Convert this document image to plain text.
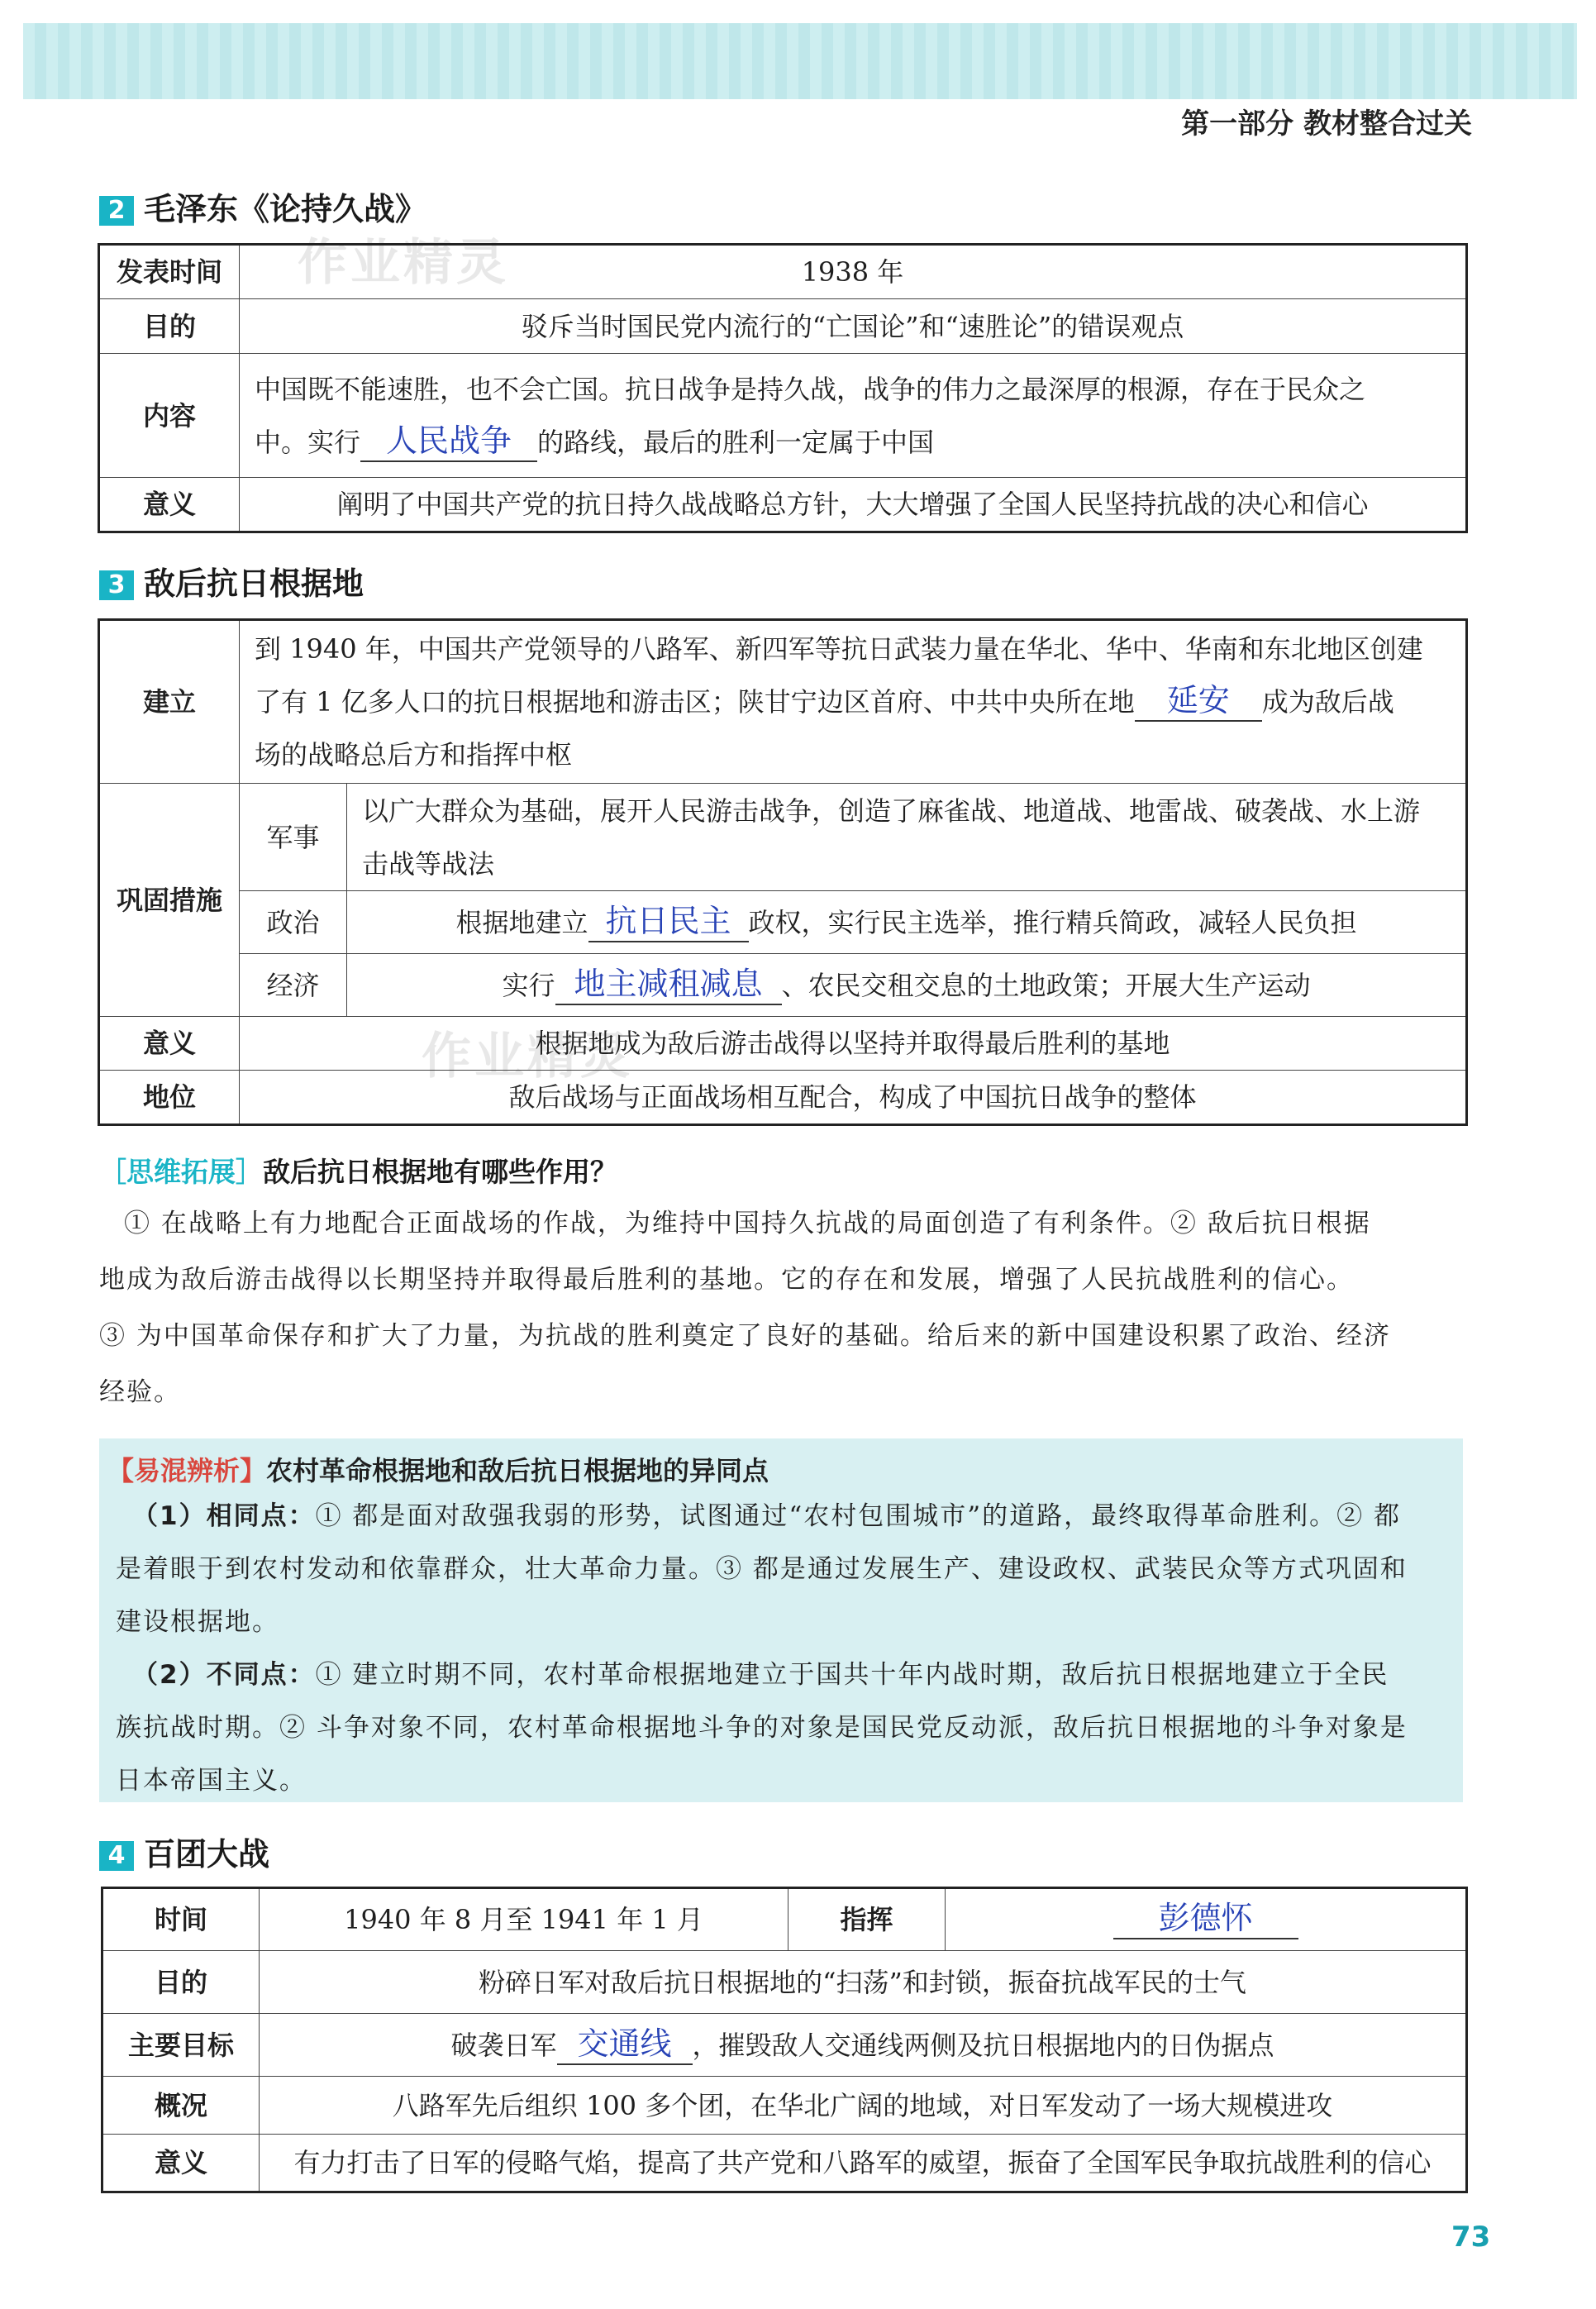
第一部分 教材整合过关
2 毛泽东《论持久战》
作业精灵
发表时间	1938 年
目的	驳斥当时国民党内流行的“亡国论”和“速胜论”的错误观点
内容	中国既不能速胜，也不会亡国。抗日战争是持久战，战争的伟力之最深厚的根源，存在于民众之
中。实行 人民战争 的路线，最后的胜利一定属于中国

意义	阐明了中国共产党的抗日持久战战略总方针，大大增强了全国人民坚持抗战的决心和信心
3 敌后抗日根据地
作业精灵
建立	到 1940 年，中国共产党领导的八路军、新四军等抗日武装力量在华北、华中、华南和东北地区创建
了有 1 亿多人口的抗日根据地和游击区；陕甘宁边区首府、中共中央所在地 延安 成为敌后战
场的战略总后方和指挥中枢	

巩固措施	军事	以广大群众为基础，展开人民游击战争，创造了麻雀战、地道战、地雷战、破袭战、水上游
击战等战法

	政治	根据地建立 抗日民主 政权，实行民主选举，推行精兵简政，减轻人民负担
	经济	实行 地主减租减息 、农民交租交息的土地政策；开展大生产运动
意义	根据地成为敌后游击战得以坚持并取得最后胜利的基地	
地位	敌后战场与正面战场相互配合，构成了中国抗日战争的整体	
［思维拓展］敌后抗日根据地有哪些作用？
① 在战略上有力地配合正面战场的作战，为维持中国持久抗战的局面创造了有利条件。② 敌后抗日根据
地成为敌后游击战得以长期坚持并取得最后胜利的基地。它的存在和发展，增强了人民抗战胜利的信心。
③ 为中国革命保存和扩大了力量，为抗战的胜利奠定了良好的基础。给后来的新中国建设积累了政治、经济
经验。
【易混辨析】农村革命根据地和敌后抗日根据地的异同点
（1）相同点：① 都是面对敌强我弱的形势，试图通过“农村包围城市”的道路，最终取得革命胜利。② 都
是着眼于到农村发动和依靠群众，壮大革命力量。③ 都是通过发展生产、建设政权、武装民众等方式巩固和
建设根据地。
（2）不同点：① 建立时期不同，农村革命根据地建立于国共十年内战时期，敌后抗日根据地建立于全民
族抗战时期。② 斗争对象不同，农村革命根据地斗争的对象是国民党反动派，敌后抗日根据地的斗争对象是
日本帝国主义。
4 百团大战
时间	1940 年 8 月至 1941 年 1 月	指挥	彭德怀
目的	粉碎日军对敌后抗日根据地的“扫荡”和封锁，振奋抗战军民的士气		
主要目标	破袭日军 交通线 ，摧毁敌人交通线两侧及抗日根据地内的日伪据点		
概况	八路军先后组织 100 多个团，在华北广阔的地域，对日军发动了一场大规模进攻		
意义	有力打击了日军的侵略气焰，提高了共产党和八路军的威望，振奋了全国军民争取抗战胜利的信心		
73
